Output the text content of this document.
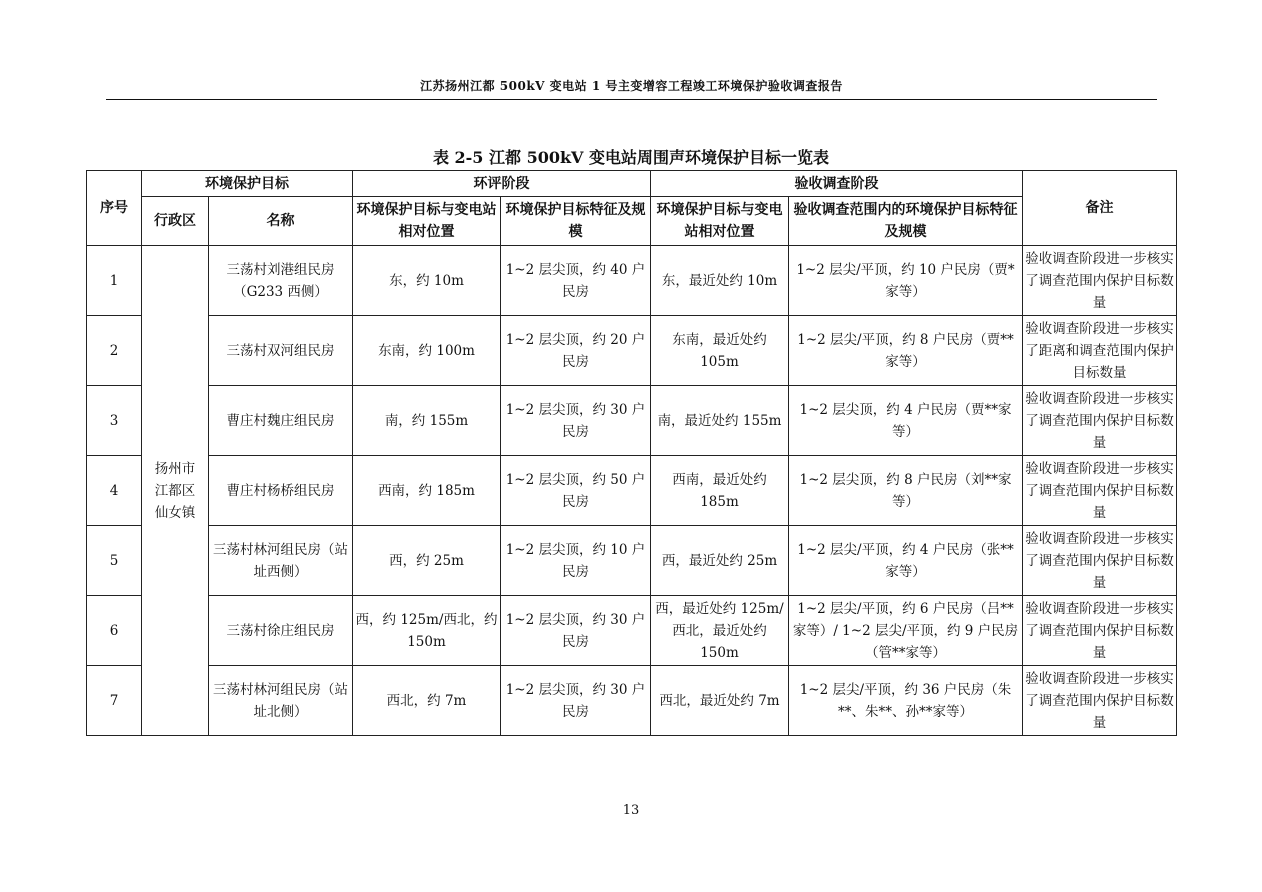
江苏扬州江都 500kV 变电站 1 号主变增容工程竣工环境保护验收调查报告
表 2-5 江都 500kV 变电站周围声环境保护目标一览表
序号	环境保护目标		环评阶段		验收调查阶段		备注
	行政区	名称	环境保护目标与变电站相对位置	环境保护目标特征及规模	环境保护目标与变电站相对位置	验收调查范围内的环境保护目标特征及规模	
1	扬州市江都区仙女镇	三荡村刘港组民房（G233 西侧）	东，约 10m	1~2 层尖顶，约 40 户民房	东，最近处约 10m	1~2 层尖/平顶，约 10 户民房（贾*家等）	验收调查阶段进一步核实了调查范围内保护目标数量
2		三荡村双河组民房	东南，约 100m	1~2 层尖顶，约 20 户民房	东南，最近处约 105m	1~2 层尖/平顶，约 8 户民房（贾**家等）	验收调查阶段进一步核实了距离和调查范围内保护目标数量
3		曹庄村魏庄组民房	南，约 155m	1~2 层尖顶，约 30 户民房	南，最近处约 155m	1~2 层尖顶，约 4 户民房（贾**家等）	验收调查阶段进一步核实了调查范围内保护目标数量
4		曹庄村杨桥组民房	西南，约 185m	1~2 层尖顶，约 50 户民房	西南，最近处约 185m	1~2 层尖顶，约 8 户民房（刘**家等）	验收调查阶段进一步核实了调查范围内保护目标数量
5		三荡村林河组民房（站址西侧）	西，约 25m	1~2 层尖顶，约 10 户民房	西，最近处约 25m	1~2 层尖/平顶，约 4 户民房（张**家等）	验收调查阶段进一步核实了调查范围内保护目标数量
6		三荡村徐庄组民房	西，约 125m/西北，约 150m	1~2 层尖顶，约 30 户民房	西，最近处约 125m/西北，最近处约 150m	1~2 层尖/平顶，约 6 户民房（吕**家等）/ 1~2 层尖/平顶，约 9 户民房（管**家等）	验收调查阶段进一步核实了调查范围内保护目标数量
7		三荡村林河组民房（站址北侧）	西北，约 7m	1~2 层尖顶，约 30 户民房	西北，最近处约 7m	1~2 层尖/平顶，约 36 户民房（朱**、朱**、孙**家等）	验收调查阶段进一步核实了调查范围内保护目标数量
13
